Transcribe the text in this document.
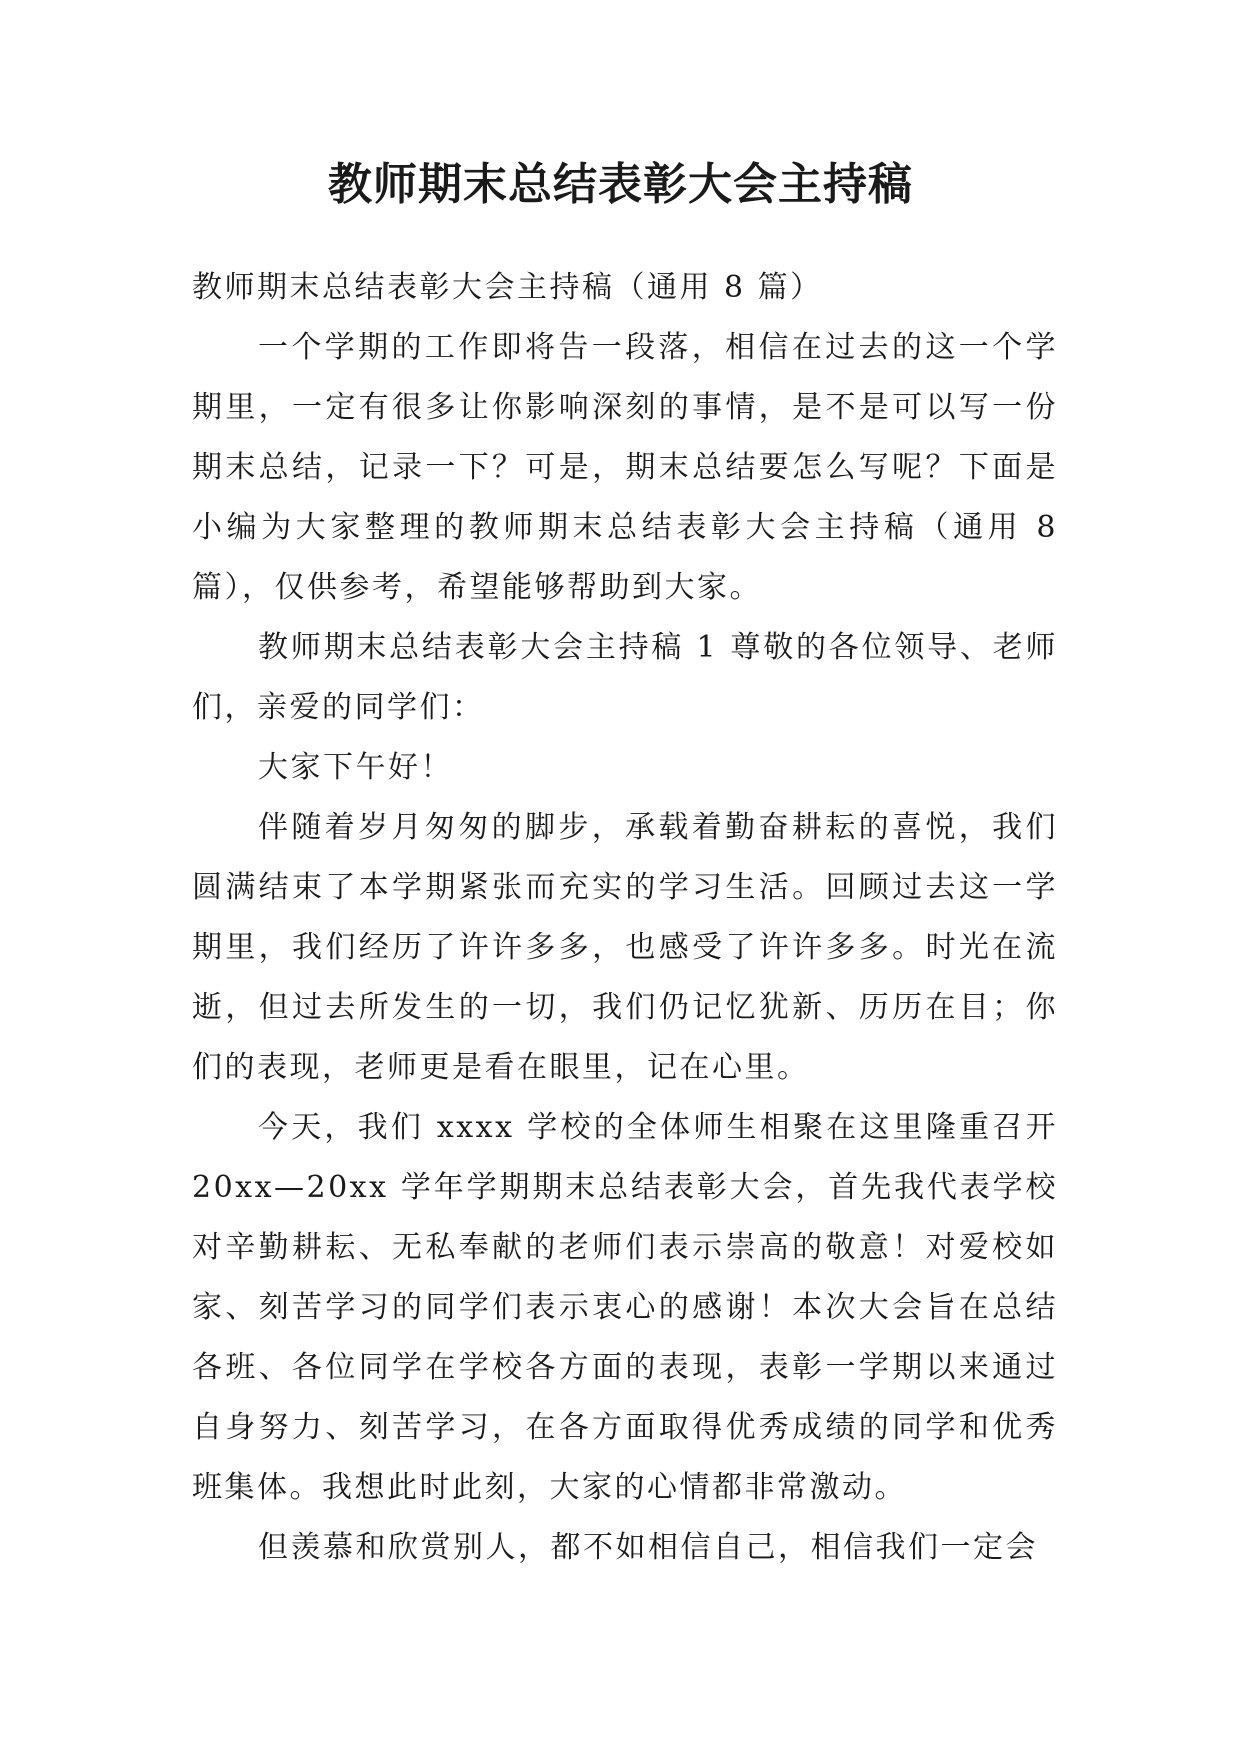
教师期末总结表彰大会主持稿

教师期末总结表彰大会主持稿（通用 8 篇）

一个学期的工作即将告一段落，相信在过去的这一个学期里，一定有很多让你影响深刻的事情，是不是可以写一份期末总结，记录一下？可是，期末总结要怎么写呢？下面是小编为大家整理的教师期末总结表彰大会主持稿（通用 8 篇），仅供参考，希望能够帮助到大家。

教师期末总结表彰大会主持稿 1 尊敬的各位领导、老师们，亲爱的同学们：

大家下午好！

伴随着岁月匆匆的脚步，承载着勤奋耕耘的喜悦，我们圆满结束了本学期紧张而充实的学习生活。回顾过去这一学期里，我们经历了许许多多，也感受了许许多多。时光在流逝，但过去所发生的一切，我们仍记忆犹新、历历在目；你们的表现，老师更是看在眼里，记在心里。

今天，我们 xxxx 学校的全体师生相聚在这里隆重召开 20xx—20xx 学年学期期末总结表彰大会，首先我代表学校对辛勤耕耘、无私奉献的老师们表示崇高的敬意！对爱校如家、刻苦学习的同学们表示衷心的感谢！本次大会旨在总结各班、各位同学在学校各方面的表现，表彰一学期以来通过自身努力、刻苦学习，在各方面取得优秀成绩的同学和优秀班集体。我想此时此刻，大家的心情都非常激动。

但羡慕和欣赏别人，都不如相信自己，相信我们一定会
